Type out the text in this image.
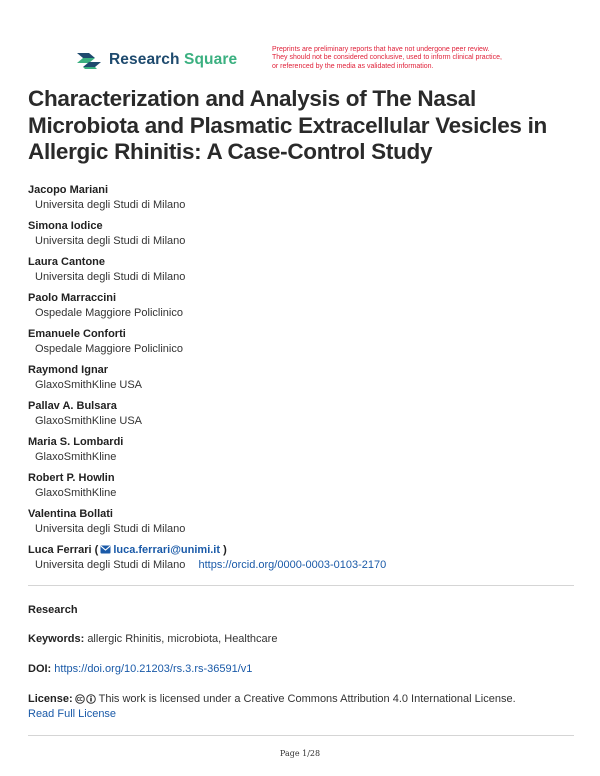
Research Square
Preprints are preliminary reports that have not undergone peer review.
They should not be considered conclusive, used to inform clinical practice,
or referenced by the media as validated information.
Characterization and Analysis of The Nasal Microbiota and Plasmatic Extracellular Vesicles in Allergic Rhinitis: A Case-Control Study
Jacopo Mariani
Universita degli Studi di Milano
Simona Iodice
Universita degli Studi di Milano
Laura Cantone
Universita degli Studi di Milano
Paolo Marraccini
Ospedale Maggiore Policlinico
Emanuele Conforti
Ospedale Maggiore Policlinico
Raymond Ignar
GlaxoSmithKline USA
Pallav A. Bulsara
GlaxoSmithKline USA
Maria S. Lombardi
GlaxoSmithKline
Robert P. Howlin
GlaxoSmithKline
Valentina Bollati
Universita degli Studi di Milano
Luca Ferrari ( luca.ferrari@unimi.it )
Universita degli Studi di Milano https://orcid.org/0000-0003-0103-2170
Research
Keywords: allergic Rhinitis, microbiota, Healthcare
DOI: https://doi.org/10.21203/rs.3.rs-36591/v1
License: This work is licensed under a Creative Commons Attribution 4.0 International License.
Read Full License
Page 1/28
